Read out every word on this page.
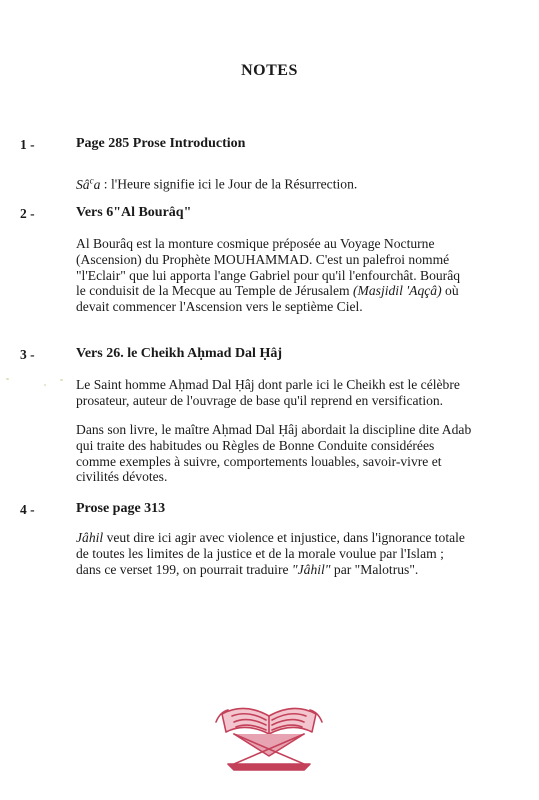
NOTES
1 -	Page 285 Prose Introduction
$Sâ^ca$ : l'Heure signifie ici le Jour de la Résurrection.
2 -	Vers 6"Al Bourâq"
Al Bourâq est la monture cosmique préposée au Voyage Nocturne
(Ascension) du Prophète MOUHAMMAD. C'est un palefroi nommé
"l'Eclair" que lui apporta l'ange Gabriel pour qu'il l'enfourchât. Bourâq
le conduisit de la Mecque au Temple de Jérusalem (Masjidil 'Aqçâ) où
devait commencer l'Ascension vers le septième Ciel.
3 -	Vers 26. le Cheikh Aḥmad Dal Ḥâj
Le Saint homme Aḥmad Dal Ḥâj dont parle ici le Cheikh est le célèbre
prosateur, auteur de l'ouvrage de base qu'il reprend en versification.
Dans son livre, le maître Aḥmad Dal Ḥâj abordait la discipline dite Adab
qui traite des habitudes ou Règles de Bonne Conduite considérées
comme exemples à suivre, comportements louables, savoir-vivre et
civilités dévotes.
4 -	Prose page 313
Jâhil veut dire ici agir avec violence et injustice, dans l'ignorance totale
de toutes les limites de la justice et de la morale voulue par l'Islam ;
dans ce verset 199, on pourrait traduire "Jâhil" par "Malotrus".
